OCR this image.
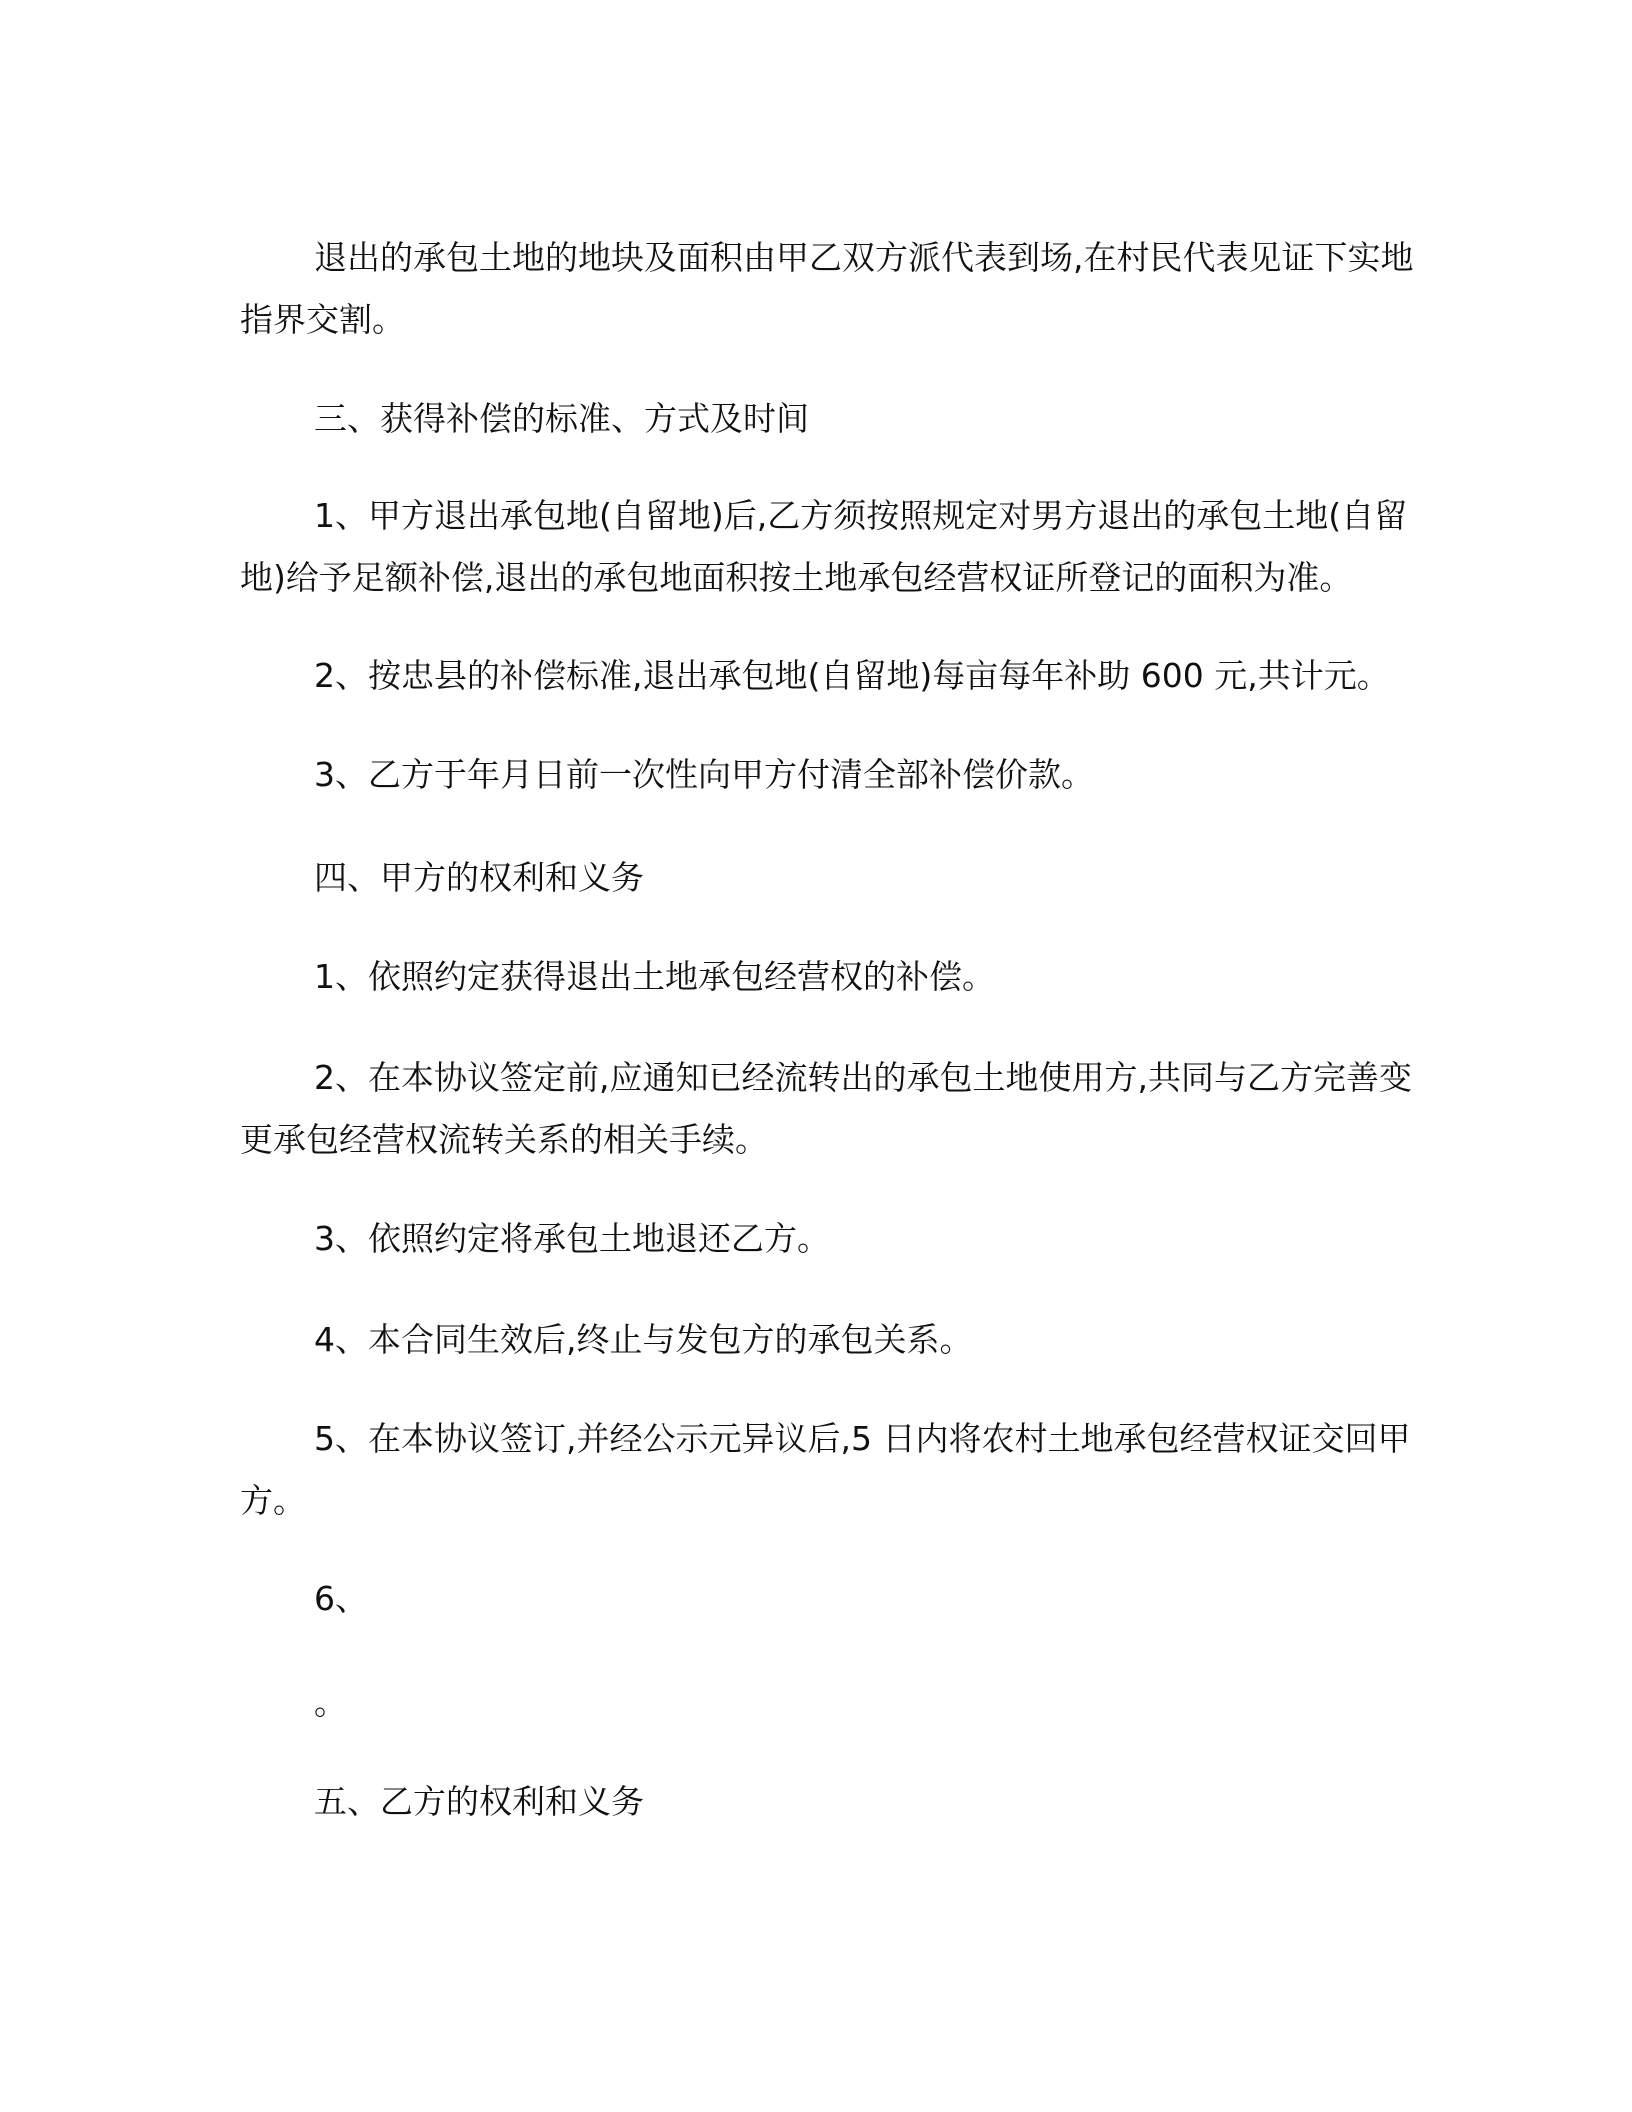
退出的承包土地的地块及面积由甲乙双方派代表到场,在村民代表见证下实地
指界交割。

三、获得补偿的标准、方式及时间

1、甲方退出承包地(自留地)后,乙方须按照规定对男方退出的承包土地(自留
地)给予足额补偿,退出的承包地面积按土地承包经营权证所登记的面积为准。

2、按忠县的补偿标准,退出承包地(自留地)每亩每年补助 600 元,共计元。

3、乙方于年月日前一次性向甲方付清全部补偿价款。

四、甲方的权利和义务

1、依照约定获得退出土地承包经营权的补偿。

2、在本协议签定前,应通知已经流转出的承包土地使用方,共同与乙方完善变
更承包经营权流转关系的相关手续。

3、依照约定将承包土地退还乙方。

4、本合同生效后,终止与发包方的承包关系。

5、在本协议签订,并经公示元异议后,5 日内将农村土地承包经营权证交回甲
方。

6、

。

五、乙方的权利和义务
